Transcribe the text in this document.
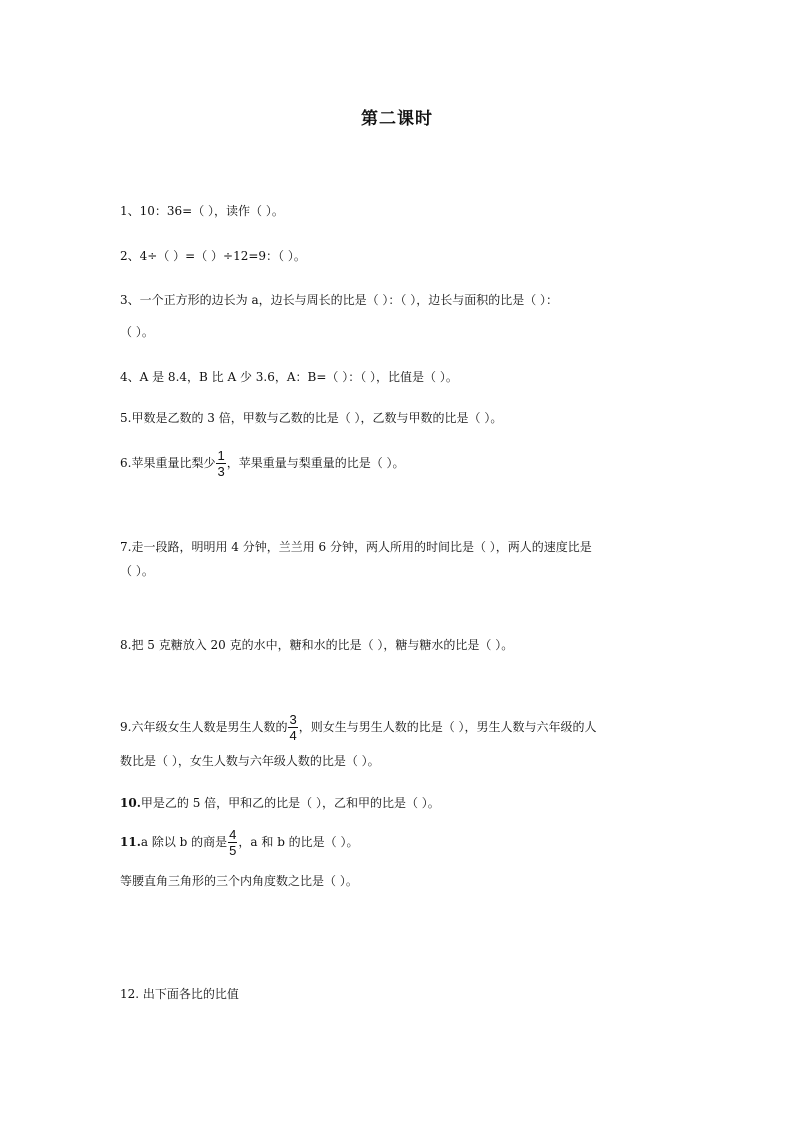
第二课时
1、10：36=（ ），读作（ ）。
2、4÷（ ）=（ ）÷12=9：（ ）。
3、一个正方形的边长为 a，边长与周长的比是（ ）：（ ），边长与面积的比是（ ）：
（ ）。
4、A 是 8.4，B 比 A 少 3.6，A：B=（ ）：（ ），比值是（ ）。
5.甲数是乙数的 3 倍，甲数与乙数的比是（ ），乙数与甲数的比是（ ）。
6.苹果重量比梨少 $\frac{1}{3}$ ，苹果重量与梨重量的比是（ ）。
7.走一段路，明明用 4 分钟，兰兰用 6 分钟，两人所用的时间比是（ ），两人的速度比是
（ ）。
8.把 5 克糖放入 20 克的水中，糖和水的比是（ ），糖与糖水的比是（ ）。
9.六年级女生人数是男生人数的 $\frac{3}{4}$ ，则女生与男生人数的比是（ ），男生人数与六年级的人
数比是（ ），女生人数与六年级人数的比是（ ）。
10.甲是乙的 5 倍，甲和乙的比是（ ），乙和甲的比是（ ）。
11.a 除以 b 的商是 $\frac{4}{5}$ ，a 和 b 的比是（ ）。
等腰直角三角形的三个内角度数之比是（ ）。
12. 出下面各比的比值
